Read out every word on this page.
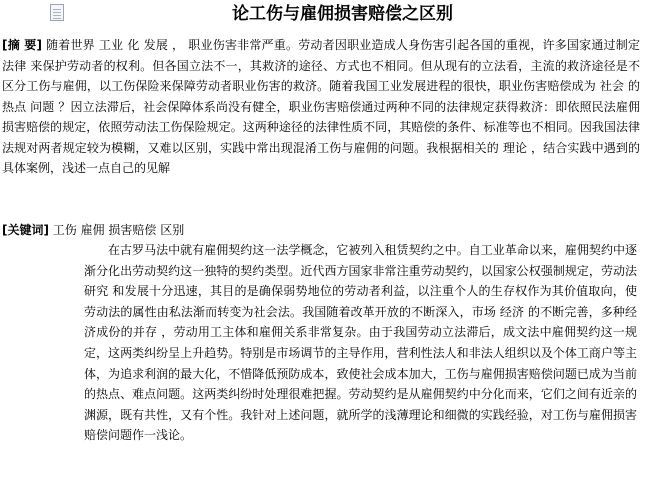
论工伤与雇佣损害赔偿之区别
[摘 要] 随着世界 工业 化 发展 ， 职业伤害非常严重。劳动者因职业造成人身伤害引起各国的重视，许多国家通过制定 法律 来保护劳动者的权利。但各国立法不一，其救济的途径、方式也不相同。但从现有的立法看，主流的救济途径是不区分工伤与雇佣，以工伤保险来保障劳动者职业伤害的救济。随着我国工业发展进程的很快，职业伤害赔偿成为 社会 的热点 问题 ？因立法滞后，社会保障体系尚没有健全，职业伤害赔偿通过两种不同的法律规定获得救济：即依照民法雇佣损害赔偿的规定，依照劳动法工伤保险规定。这两种途径的法律性质不同，其赔偿的条件、标准等也不相同。因我国法律法规对两者规定较为模糊，又难以区别，实践中常出现混淆工伤与雇佣的问题。我根据相关的 理论 ，结合实践中遇到的具体案例，浅述一点自己的见解
[关键词] 工伤 雇佣 损害赔偿 区别
在古罗马法中就有雇佣契约这一法学概念，它被列入租赁契约之中。自工业革命以来，雇佣契约中逐渐分化出劳动契约这一独特的契约类型。近代西方国家非常注重劳动契约，以国家公权强制规定，劳动法 研究 和发展十分迅速，其目的是确保弱势地位的劳动者利益，以注重个人的生存权作为其价值取向，使劳动法的属性由私法渐而转变为社会法。我国随着改革开放的不断深入，市场 经济 的不断完善，多种经济成份的并存 ，劳动用工主体和雇佣关系非常复杂。由于我国劳动立法滞后，成文法中雇佣契约这一规定，这两类纠纷呈上升趋势。特别是市场调节的主导作用，营利性法人和非法人组织以及个体工商户等主体，为追求利润的最大化，不惜降低预防成本，致使社会成本加大，工伤与雇佣损害赔偿问题已成为当前的热点、难点问题。这两类纠纷时处理很难把握。劳动契约是从雇佣契约中分化而来，它们之间有近亲的渊源，既有共性，又有个性。我针对上述问题，就所学的浅薄理论和细微的实践经验，对工伤与雇佣损害赔偿问题作一浅论。
